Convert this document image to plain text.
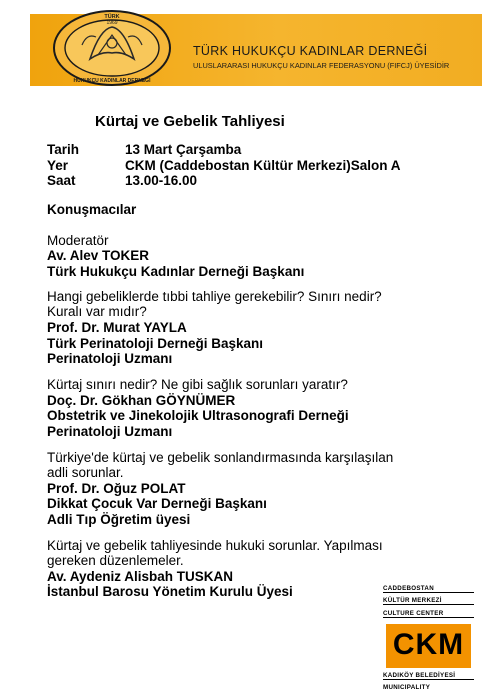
TÜRK
1969
HUKUKÇU KADINLAR DERNEĞİ
TÜRK HUKUKÇU KADINLAR DERNEĞİ
ULUSLARARASI HUKUKÇU KADINLAR FEDERASYONU (FIFCJ) ÜYESİDİR
Kürtaj ve Gebelik Tahliyesi
Tarih	13 Mart Çarşamba
Yer	CKM (Caddebostan Kültür Merkezi)Salon A
Saat	13.00-16.00
Konuşmacılar
Moderatör
Av. Alev TOKER
Türk Hukukçu Kadınlar Derneği Başkanı
Hangi gebeliklerde tıbbi tahliye gerekebilir? Sınırı nedir?
Kuralı var mıdır?
Prof. Dr. Murat YAYLA
Türk Perinatoloji Derneği Başkanı
Perinatoloji Uzmanı
Kürtaj sınırı nedir? Ne gibi sağlık sorunları yaratır?
Doç. Dr. Gökhan GÖYNÜMER
Obstetrik ve Jinekolojik Ultrasonografi Derneği
Perinatoloji Uzmanı
Türkiye'de kürtaj ve gebelik sonlandırmasında karşılaşılan
adli sorunlar.
Prof. Dr. Oğuz POLAT
Dikkat Çocuk Var Derneği Başkanı
Adli Tıp Öğretim üyesi
Kürtaj ve gebelik tahliyesinde hukuki sorunlar. Yapılması
gereken düzenlemeler.
Av. Aydeniz Alisbah TUSKAN
İstanbul Barosu Yönetim Kurulu Üyesi	CADDEBOSTAN
KÜLTÜR MERKEZİ
CULTURE CENTER
CKM
KADIKÖY BELEDİYESİ
MUNICIPALITY
